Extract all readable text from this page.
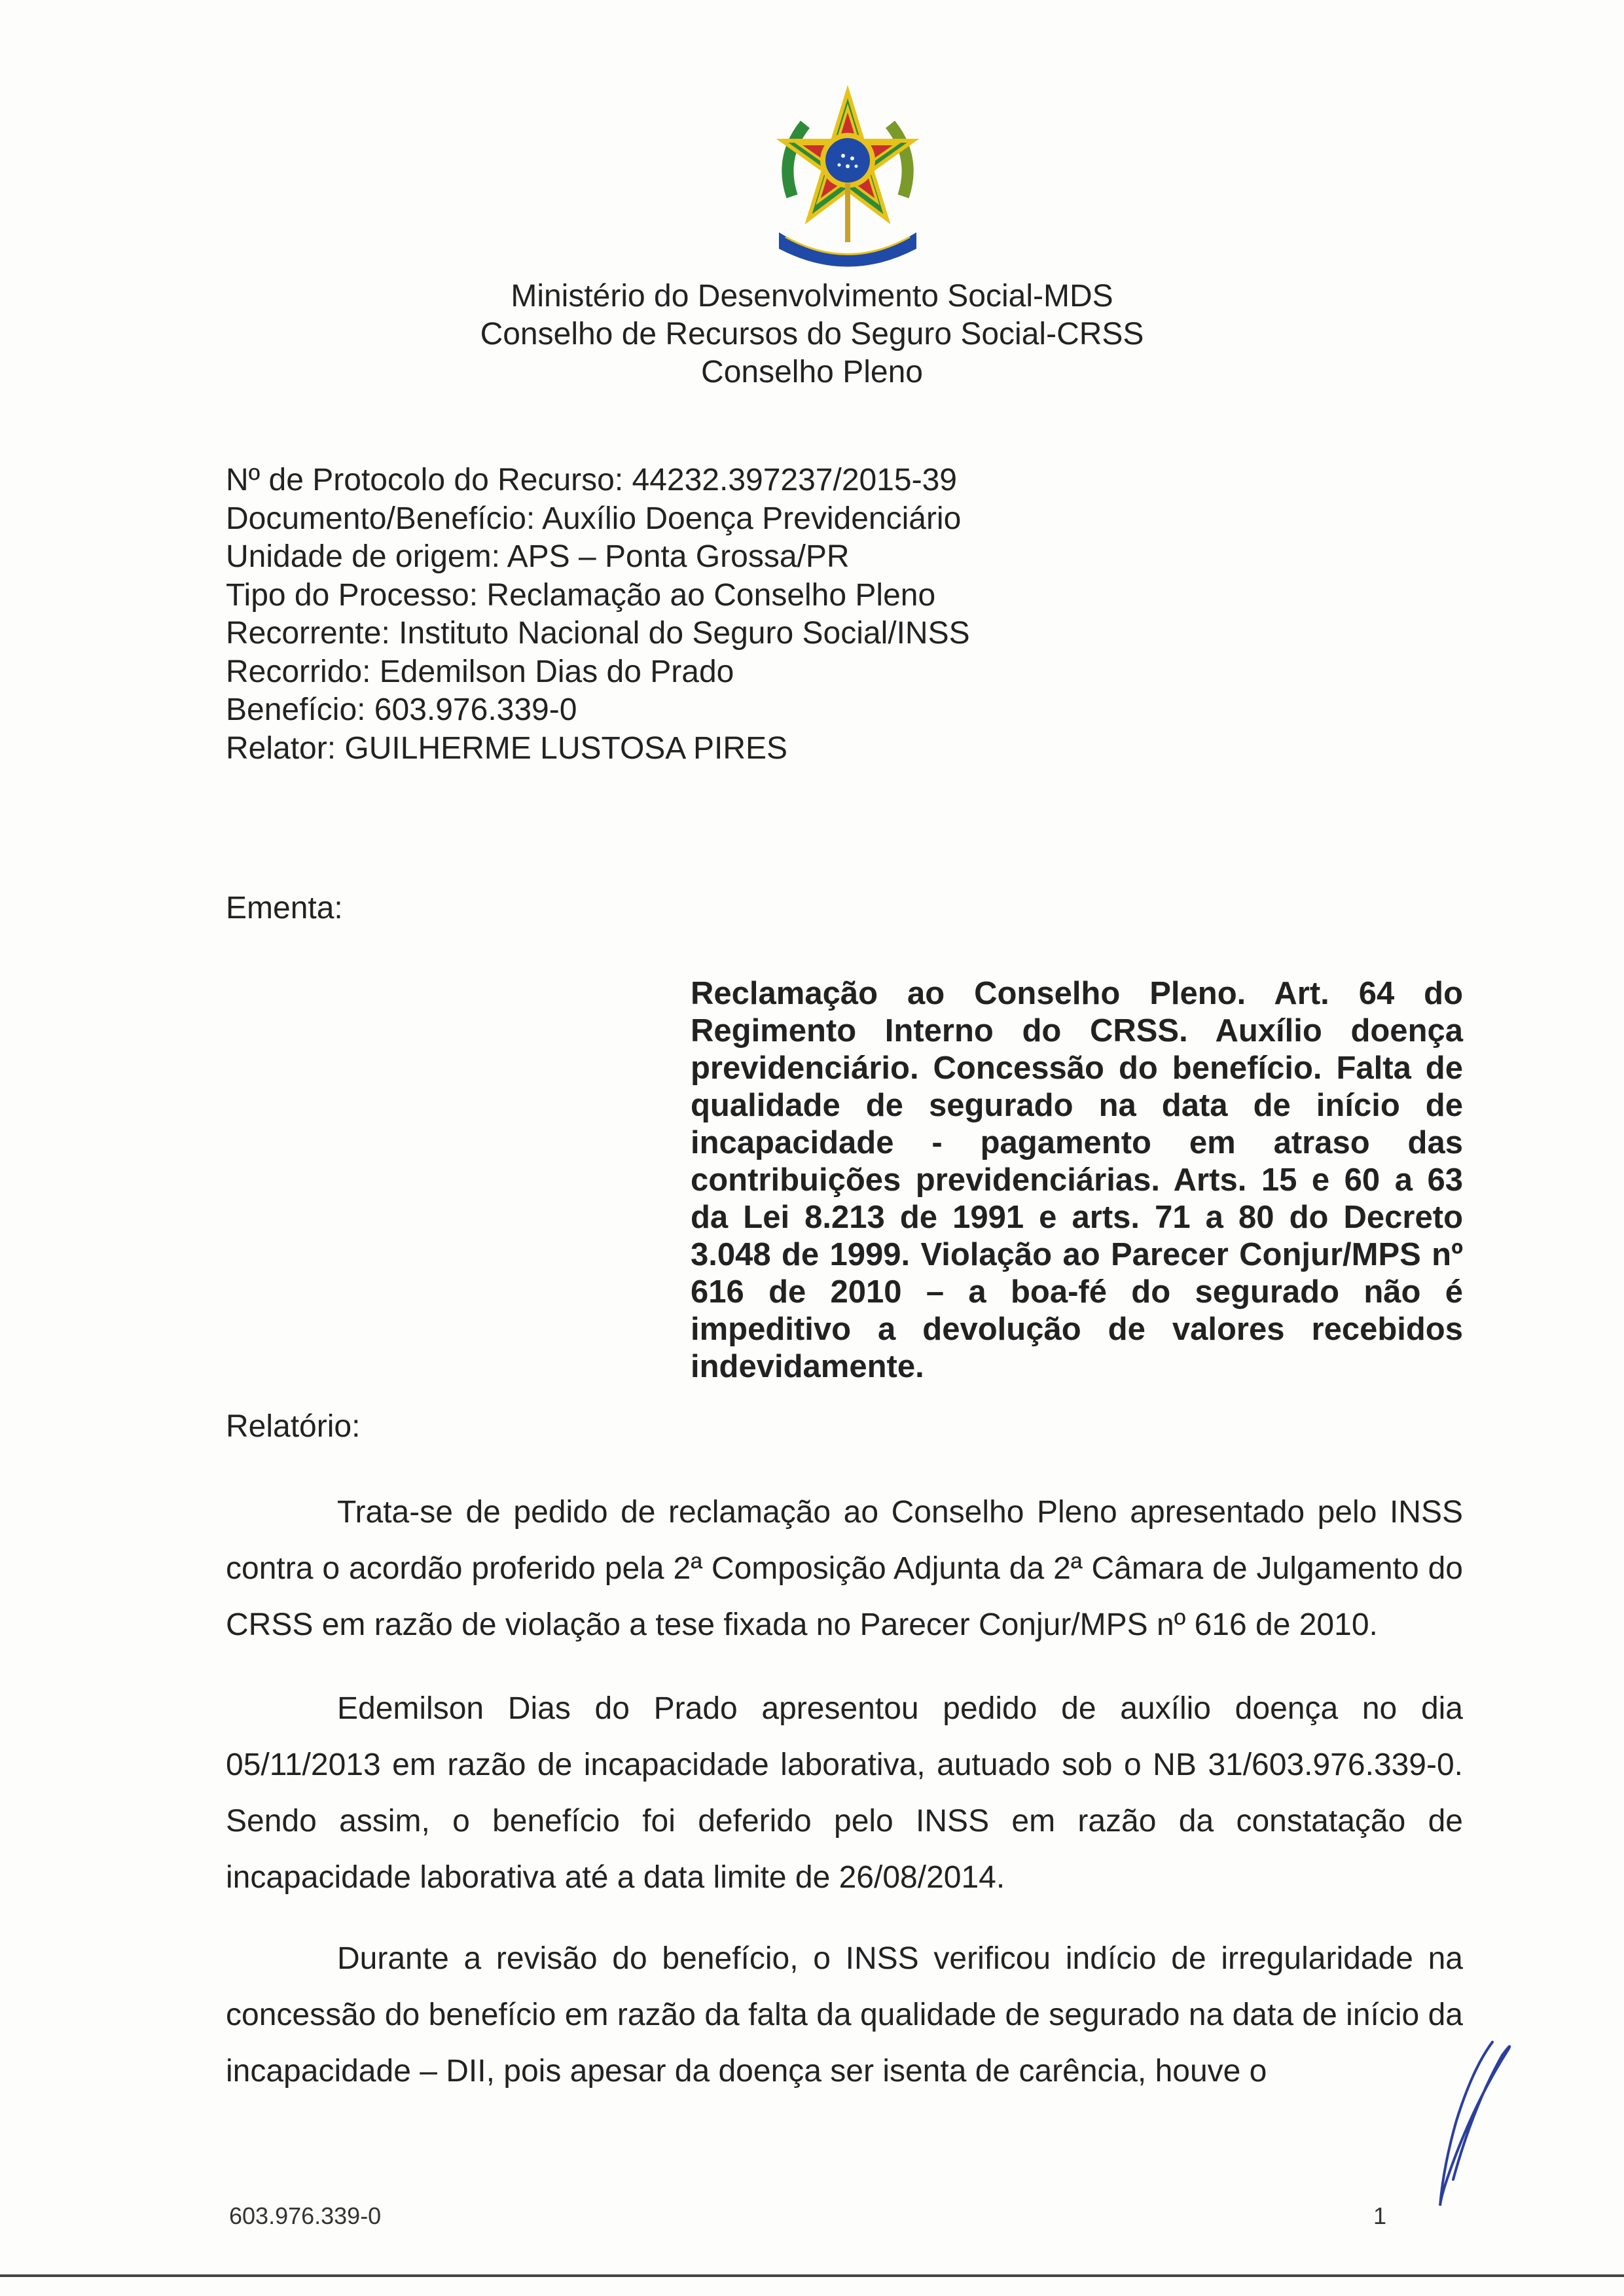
Ministério do Desenvolvimento Social-MDS
Conselho de Recursos do Seguro Social-CRSS
Conselho Pleno
Nº de Protocolo do Recurso: 44232.397237/2015-39
Documento/Benefício: Auxílio Doença Previdenciário
Unidade de origem: APS – Ponta Grossa/PR
Tipo do Processo: Reclamação ao Conselho Pleno
Recorrente: Instituto Nacional do Seguro Social/INSS
Recorrido: Edemilson Dias do Prado
Benefício: 603.976.339-0
Relator: GUILHERME LUSTOSA PIRES
Ementa:
Reclamação ao Conselho Pleno. Art. 64 do Regimento Interno do CRSS. Auxílio doença previdenciário. Concessão do benefício. Falta de qualidade de segurado na data de início de incapacidade - pagamento em atraso das contribuições previdenciárias. Arts. 15 e 60 a 63 da Lei 8.213 de 1991 e arts. 71 a 80 do Decreto 3.048 de 1999. Violação ao Parecer Conjur/MPS nº 616 de 2010 – a boa-fé do segurado não é impeditivo a devolução de valores recebidos indevidamente.
Relatório:
Trata-se de pedido de reclamação ao Conselho Pleno apresentado pelo INSS contra o acordão proferido pela 2ª Composição Adjunta da 2ª Câmara de Julgamento do CRSS em razão de violação a tese fixada no Parecer Conjur/MPS nº 616 de 2010.
Edemilson Dias do Prado apresentou pedido de auxílio doença no dia 05/11/2013 em razão de incapacidade laborativa, autuado sob o NB 31/603.976.339-0. Sendo assim, o benefício foi deferido pelo INSS em razão da constatação de incapacidade laborativa até a data limite de 26/08/2014.
Durante a revisão do benefício, o INSS verificou indício de irregularidade na concessão do benefício em razão da falta da qualidade de segurado na data de início da incapacidade – DII, pois apesar da doença ser isenta de carência, houve o
603.976.339-0	1
